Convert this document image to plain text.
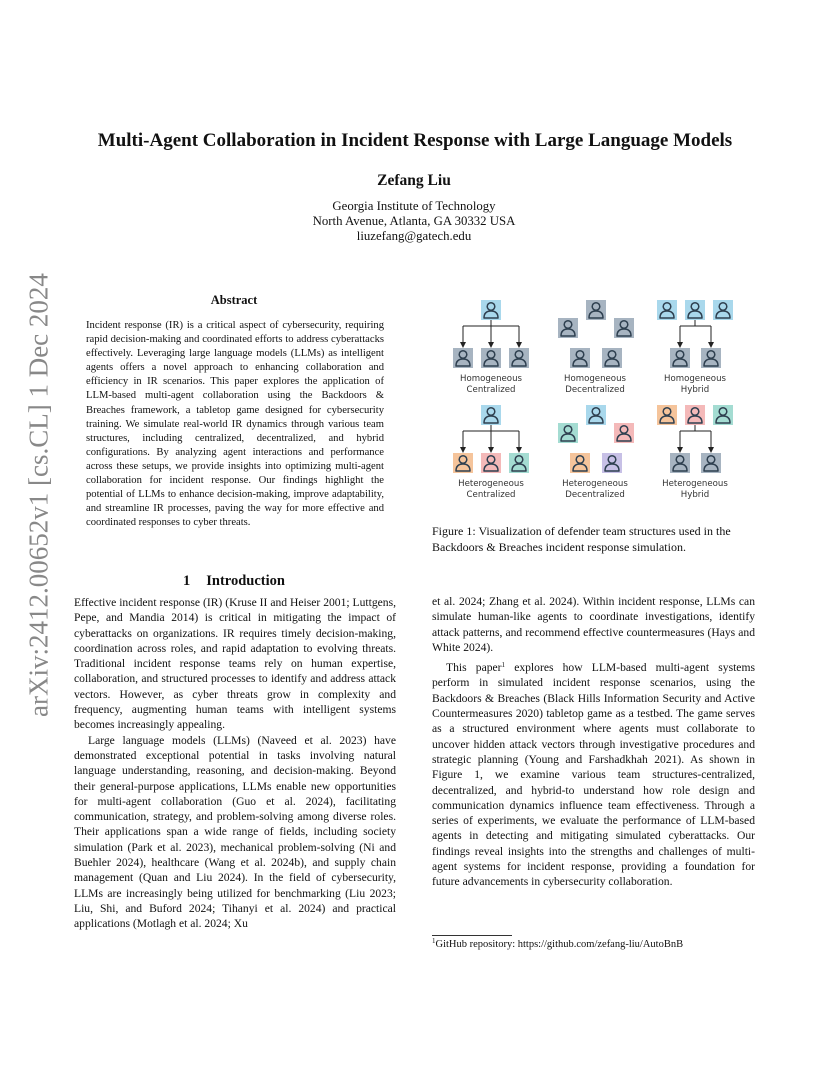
arXiv:2412.00652v1 [cs.CL] 1 Dec 2024
Multi-Agent Collaboration in Incident Response with Large Language Models
Zefang Liu
Georgia Institute of Technology
North Avenue, Atlanta, GA 30332 USA
liuzefang@gatech.edu
Abstract
Incident response (IR) is a critical aspect of cybersecurity, requiring rapid decision-making and coordinated efforts to address cyberattacks effectively. Leveraging large language models (LLMs) as intelligent agents offers a novel approach to enhancing collaboration and efficiency in IR scenarios. This paper explores the application of LLM-based multi-agent collaboration using the Backdoors & Breaches framework, a tabletop game designed for cybersecurity training. We simulate real-world IR dynamics through various team structures, including centralized, decentralized, and hybrid configurations. By analyzing agent interactions and performance across these setups, we provide insights into optimizing multi-agent collaboration for incident response. Our findings highlight the potential of LLMs to enhance decision-making, improve adaptability, and streamline IR processes, paving the way for more effective and coordinated responses to cyber threats.
1 Introduction

Effective incident response (IR) (Kruse II and Heiser 2001; Luttgens, Pepe, and Mandia 2014) is critical in mitigating the impact of cyberattacks on organizations. IR requires timely decision-making, coordination across roles, and rapid adaptation to evolving threats. Traditional incident response teams rely on human expertise, collaboration, and structured processes to identify and address attack vectors. However, as cyber threats grow in complexity and frequency, augmenting human teams with intelligent systems becomes increasingly appealing.

Large language models (LLMs) (Naveed et al. 2023) have demonstrated exceptional potential in tasks involving natural language understanding, reasoning, and decision-making. Beyond their general-purpose applications, LLMs enable new opportunities for multi-agent collaboration (Guo et al. 2024), facilitating communication, strategy, and problem-solving among diverse roles. Their applications span a wide range of fields, including society simulation (Park et al. 2023), mechanical problem-solving (Ni and Buehler 2024), healthcare (Wang et al. 2024b), and supply chain management (Quan and Liu 2024). In the field of cybersecurity, LLMs are increasingly being utilized for benchmarking (Liu 2023; Liu, Shi, and Buford 2024; Tihanyi et al. 2024) and practical applications (Motlagh et al. 2024; Xu

Homogeneous
Centralized
Homogeneous
Decentralized
Homogeneous
Hybrid
Heterogeneous
Centralized
Heterogeneous
Decentralized
Heterogeneous
Hybrid
Figure 1: Visualization of defender team structures used in the Backdoors & Breaches incident response simulation.

et al. 2024; Zhang et al. 2024). Within incident response, LLMs can simulate human-like agents to coordinate investigations, identify attack patterns, and recommend effective countermeasures (Hays and White 2024).

This paper$^1$ explores how LLM-based multi-agent systems perform in simulated incident response scenarios, using the Backdoors & Breaches (Black Hills Information Security and Active Countermeasures 2020) tabletop game as a testbed. The game serves as a structured environment where agents must collaborate to uncover hidden attack vectors through investigative procedures and strategic planning (Young and Farshadkhah 2021). As shown in Figure 1, we examine various team structures-centralized, decentralized, and hybrid-to understand how role design and communication dynamics influence team effectiveness. Through a series of experiments, we evaluate the performance of LLM-based agents in detecting and mitigating simulated cyberattacks. Our findings reveal insights into the strengths and challenges of multi-agent systems for incident response, providing a foundation for future advancements in cybersecurity collaboration.

$^1$GitHub repository: https://github.com/zefang-liu/AutoBnB
